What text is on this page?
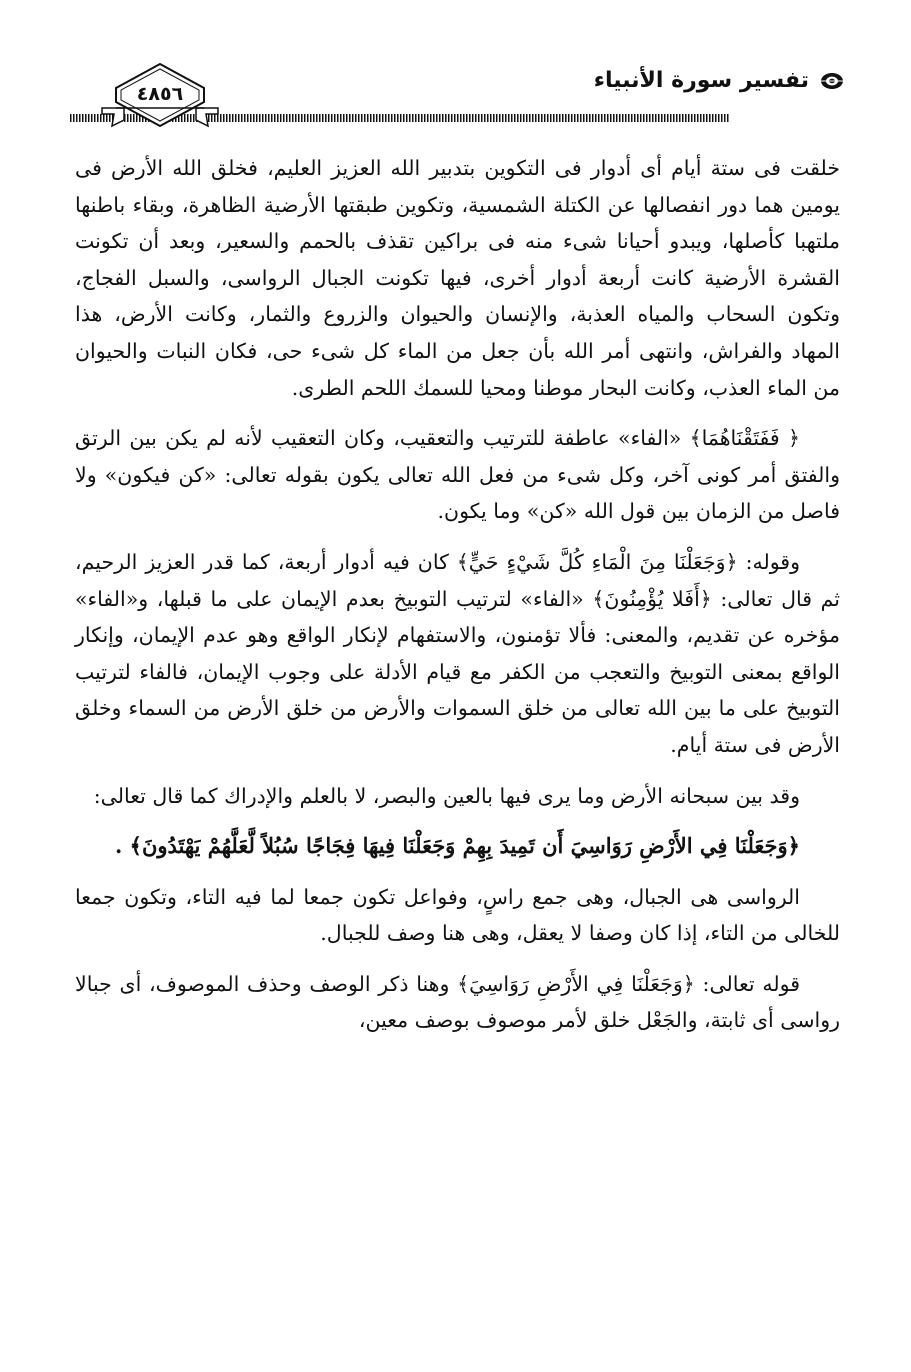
تفسير سورة الأنبياء
٤٨٥٦

خلقت فى ستة أيام أى أدوار فى التكوين بتدبير الله العزيز العليم، فخلق الله الأرض فى يومين هما دور انفصالها عن الكتلة الشمسية، وتكوين طبقتها الأرضية الظاهرة، وبقاء باطنها ملتهبا كأصلها، ويبدو أحيانا شىء منه فى براكين تقذف بالحمم والسعير، وبعد أن تكونت القشرة الأرضية كانت أربعة أدوار أخرى، فيها تكونت الجبال الرواسى، والسبل الفجاج، وتكون السحاب والمياه العذبة، والإنسان والحيوان والزروع والثمار، وكانت الأرض، هذا المهاد والفراش، وانتهى أمر الله بأن جعل من الماء كل شىء حى، فكان النبات والحيوان من الماء العذب، وكانت البحار موطنا ومحيا للسمك اللحم الطرى.

﴿ فَفَتَقْنَاهُمَا﴾ «الفاء» عاطفة للترتيب والتعقيب، وكان التعقيب لأنه لم يكن بين الرتق والفتق أمر كونى آخر، وكل شىء من فعل الله تعالى يكون بقوله تعالى: «كن فيكون» ولا فاصل من الزمان بين قول الله «كن» وما يكون.

وقوله: ﴿وَجَعَلْنَا مِنَ الْمَاءِ كُلَّ شَيْءٍ حَيٍّ﴾ كان فيه أدوار أربعة، كما قدر العزيز الرحيم، ثم قال تعالى: ﴿أَفَلا يُؤْمِنُونَ﴾ «الفاء» لترتيب التوبيخ بعدم الإيمان على ما قبلها، و«الفاء» مؤخره عن تقديم، والمعنى: فألا تؤمنون، والاستفهام لإنكار الواقع وهو عدم الإيمان، وإنكار الواقع بمعنى التوبيخ والتعجب من الكفر مع قيام الأدلة على وجوب الإيمان، فالفاء لترتيب التوبيخ على ما بين الله تعالى من خلق السموات والأرض من خلق الأرض من السماء وخلق الأرض فى ستة أيام.

وقد بين سبحانه الأرض وما يرى فيها بالعين والبصر، لا بالعلم والإدراك كما قال تعالى:

﴿وَجَعَلْنَا فِي الأَرْضِ رَوَاسِيَ أَن تَمِيدَ بِهِمْ وَجَعَلْنَا فِيهَا فِجَاجًا سُبُلاً لَّعَلَّهُمْ يَهْتَدُونَ﴾ .

الرواسى هى الجبال، وهى جمع راسٍ، وفواعل تكون جمعا لما فيه التاء، وتكون جمعا للخالى من التاء، إذا كان وصفا لا يعقل، وهى هنا وصف للجبال.

قوله تعالى: ﴿وَجَعَلْنَا فِي الأَرْضِ رَوَاسِيَ﴾ وهنا ذكر الوصف وحذف الموصوف، أى جبالا رواسى أى ثابتة، والجَعْل خلق لأمر موصوف بوصف معين،
